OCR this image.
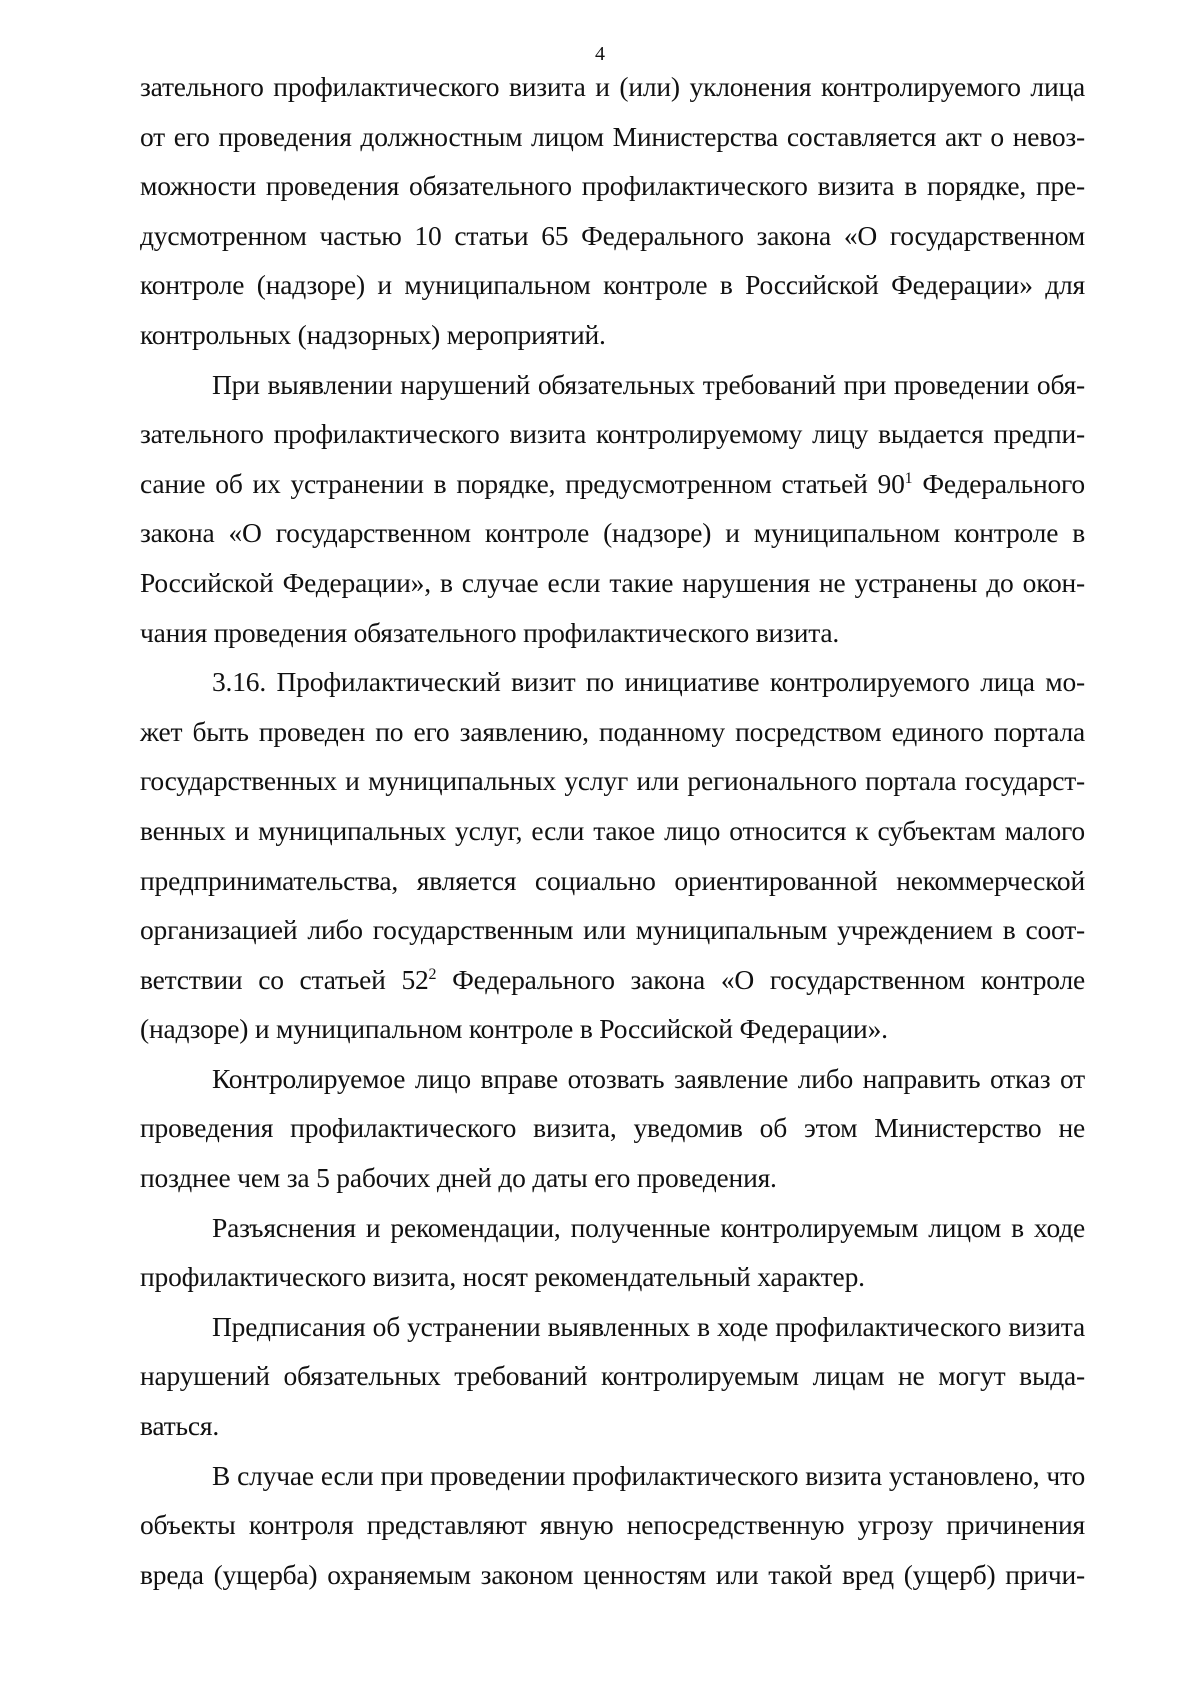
4

зательного профилактического визита и (или) уклонения контролируемого лица

от его проведения должностным лицом Министерства составляется акт о невоз-

можности проведения обязательного профилактического визита в порядке, пре-

дусмотренном частью 10 статьи 65 Федерального закона «О государственном

контроле (надзоре) и муниципальном контроле в Российской Федерации» для

контрольных (надзорных) мероприятий.

При выявлении нарушений обязательных требований при проведении обя-

зательного профилактического визита контролируемому лицу выдается предпи-

сание об их устранении в порядке, предусмотренном статьей $90^1$ Федерального

закона «О государственном контроле (надзоре) и муниципальном контроле в

Российской Федерации», в случае если такие нарушения не устранены до окон-

чания проведения обязательного профилактического визита.

3.16. Профилактический визит по инициативе контролируемого лица мо-

жет быть проведен по его заявлению, поданному посредством единого портала

государственных и муниципальных услуг или регионального портала государст-

венных и муниципальных услуг, если такое лицо относится к субъектам малого

предпринимательства, является социально ориентированной некоммерческой

организацией либо государственным или муниципальным учреждением в соот-

ветствии со статьей $52^2$ Федерального закона «О государственном контроле

(надзоре) и муниципальном контроле в Российской Федерации».

Контролируемое лицо вправе отозвать заявление либо направить отказ от

проведения профилактического визита, уведомив об этом Министерство не

позднее чем за 5 рабочих дней до даты его проведения.

Разъяснения и рекомендации, полученные контролируемым лицом в ходе

профилактического визита, носят рекомендательный характер.

Предписания об устранении выявленных в ходе профилактического визита

нарушений обязательных требований контролируемым лицам не могут выда-

ваться.

В случае если при проведении профилактического визита установлено, что

объекты контроля представляют явную непосредственную угрозу причинения

вреда (ущерба) охраняемым законом ценностям или такой вред (ущерб) причи-
